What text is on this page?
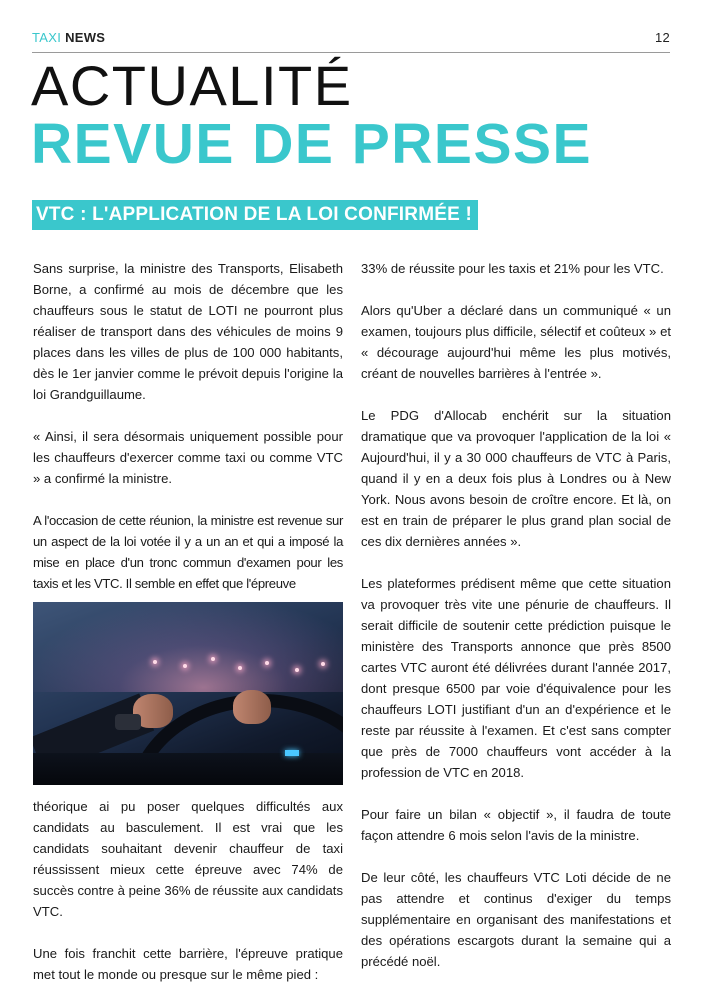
TAXI NEWS	12
ACTUALITÉ
REVUE DE PRESSE
VTC : L'APPLICATION DE LA LOI CONFIRMÉE !

Sans surprise, la ministre des Transports, Elisabeth Borne, a confirmé au mois de décembre que les chauffeurs sous le statut de LOTI ne pourront plus réaliser de transport dans des véhicules de moins 9 places dans les villes de plus de 100 000 habitants, dès le 1er janvier comme le prévoit depuis l'origine la loi Grandguillaume.

« Ainsi, il sera désormais uniquement possible pour les chauffeurs d'exercer comme taxi ou comme VTC » a confirmé la ministre.

A l'occasion de cette réunion, la ministre est revenue sur un aspect de la loi votée il y a un an et qui a imposé la mise en place d'un tronc commun d'examen pour les taxis et les VTC. Il semble en effet que l'épreuve

théorique ai pu poser quelques difficultés aux candidats au basculement. Il est vrai que les candidats souhaitant devenir chauffeur de taxi réussissent mieux cette épreuve avec 74% de succès contre à peine 36% de réussite aux candidats VTC.

Une fois franchit cette barrière, l'épreuve pratique met tout le monde ou presque sur le même pied :

33% de réussite pour les taxis et 21% pour les VTC.

Alors qu'Uber a déclaré dans un communiqué « un examen, toujours plus difficile, sélectif et coûteux » et « décourage aujourd'hui même les plus motivés, créant de nouvelles barrières à l'entrée ».

Le PDG d'Allocab enchérit sur la situation dramatique que va provoquer l'application de la loi « Aujourd'hui, il y a 30 000 chauffeurs de VTC à Paris, quand il y en a deux fois plus à Londres ou à New York. Nous avons besoin de croître encore. Et là, on est en train de préparer le plus grand plan social de ces dix dernières années ».

Les plateformes prédisent même que cette situation va provoquer très vite une pénurie de chauffeurs. Il serait difficile de soutenir cette prédiction puisque le ministère des Transports annonce que près 8500 cartes VTC auront été délivrées durant l'année 2017, dont presque 6500 par voie d'équivalence pour les chauffeurs LOTI justifiant d'un an d'expérience et le reste par réussite à l'examen. Et c'est sans compter que près de 7000 chauffeurs vont accéder à la profession de VTC en 2018.

Pour faire un bilan « objectif », il faudra de toute façon attendre 6 mois selon l'avis de la ministre.

De leur côté, les chauffeurs VTC Loti décide de ne pas attendre et continus d'exiger du temps supplémentaire en organisant des manifestations et des opérations escargots durant la semaine qui a précédé noël.
